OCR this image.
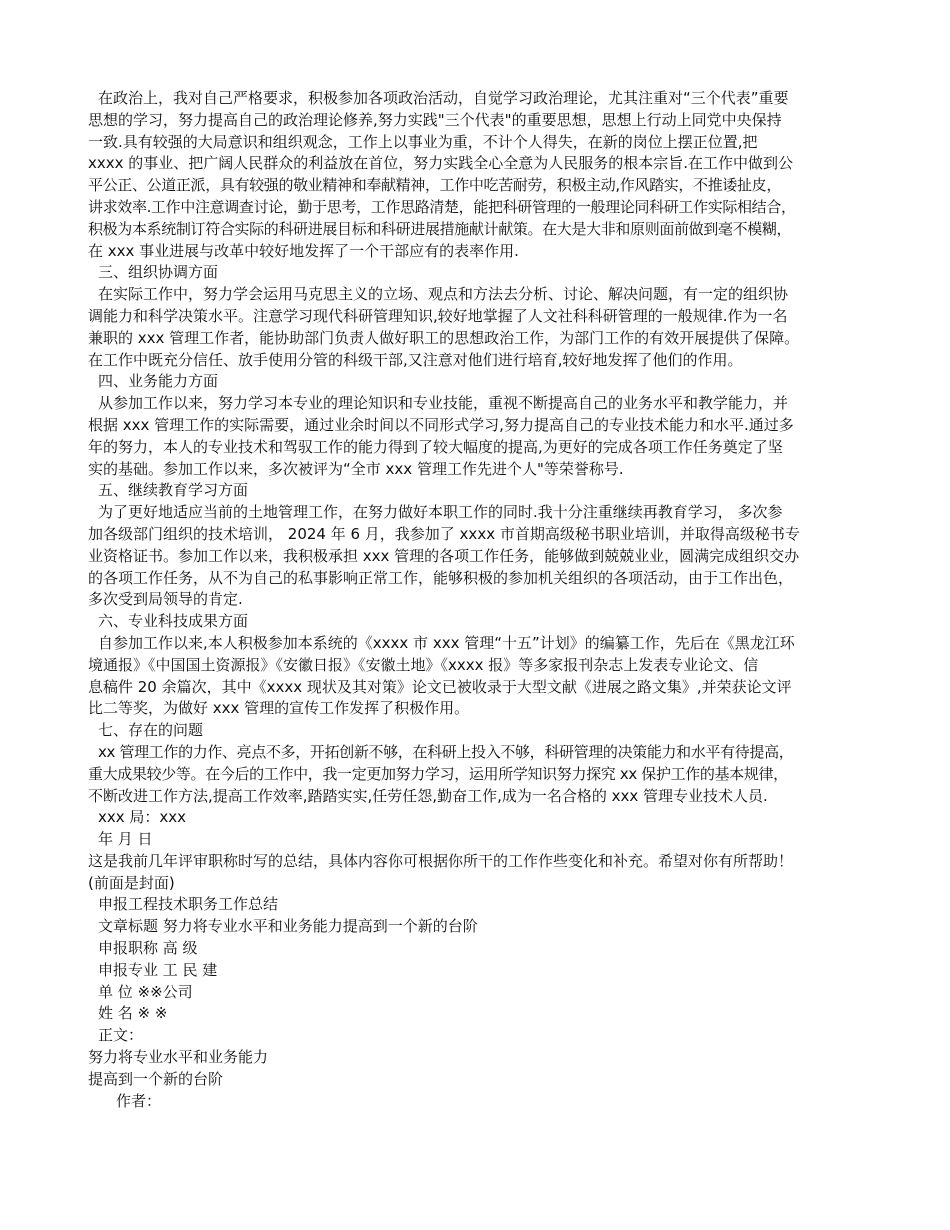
在政治上，我对自己严格要求，积极参加各项政治活动，自觉学习政治理论，尤其注重对“三个代表”重要
思想的学习，努力提高自己的政治理论修养,努力实践"三个代表"的重要思想，思想上行动上同党中央保持
一致.具有较强的大局意识和组织观念，工作上以事业为重，不计个人得失，在新的岗位上摆正位置,把
xxxx 的事业、把广阔人民群众的利益放在首位，努力实践全心全意为人民服务的根本宗旨.在工作中做到公
平公正、公道正派，具有较强的敬业精神和奉献精神，工作中吃苦耐劳，积极主动,作风踏实，不推诿扯皮，
讲求效率.工作中注意调查讨论，勤于思考，工作思路清楚，能把科研管理的一般理论同科研工作实际相结合，
积极为本系统制订符合实际的科研进展目标和科研进展措施献计献策。在大是大非和原则面前做到毫不模糊，
在 xxx 事业进展与改革中较好地发挥了一个干部应有的表率作用.
三、组织协调方面
在实际工作中，努力学会运用马克思主义的立场、观点和方法去分析、讨论、解决问题，有一定的组织协
调能力和科学决策水平。注意学习现代科研管理知识,较好地掌握了人文社科科研管理的一般规律.作为一名
兼职的 xxx 管理工作者，能协助部门负责人做好职工的思想政治工作，为部门工作的有效开展提供了保障。
在工作中既充分信任、放手使用分管的科级干部,又注意对他们进行培育,较好地发挥了他们的作用。
四、业务能力方面
从参加工作以来，努力学习本专业的理论知识和专业技能，重视不断提高自己的业务水平和教学能力，并
根据 xxx 管理工作的实际需要，通过业余时间以不同形式学习,努力提高自己的专业技术能力和水平.通过多
年的努力，本人的专业技术和驾驭工作的能力得到了较大幅度的提高,为更好的完成各项工作任务奠定了坚
实的基础。参加工作以来，多次被评为“全市 xxx 管理工作先进个人"等荣誉称号.
五、继续教育学习方面
为了更好地适应当前的土地管理工作，在努力做好本职工作的同时.我十分注重继续再教育学习， 多次参
加各级部门组织的技术培训， 2024 年 6 月，我参加了 xxxx 市首期高级秘书职业培训，并取得高级秘书专
业资格证书。参加工作以来，我积极承担 xxx 管理的各项工作任务，能够做到兢兢业业，圆满完成组织交办
的各项工作任务，从不为自己的私事影响正常工作，能够积极的参加机关组织的各项活动，由于工作出色，
多次受到局领导的肯定.
六、专业科技成果方面
自参加工作以来,本人积极参加本系统的《xxxx 市 xxx 管理“十五”计划》的编纂工作，先后在《黑龙江环
境通报》《中国国土资源报》《安徽日报》《安徽土地》《xxxx 报》等多家报刊杂志上发表专业论文、信
息稿件 20 余篇次，其中《xxxx 现状及其对策》论文已被收录于大型文献《进展之路文集》,并荣获论文评
比二等奖，为做好 xxx 管理的宣传工作发挥了积极作用。
七、存在的问题
xx 管理工作的力作、亮点不多，开拓创新不够，在科研上投入不够，科研管理的决策能力和水平有待提高，
重大成果较少等。在今后的工作中，我一定更加努力学习，运用所学知识努力探究 xx 保护工作的基本规律，
不断改进工作方法,提高工作效率,踏踏实实,任劳任怨,勤奋工作,成为一名合格的 xxx 管理专业技术人员.
xxx 局：xxx
年 月 日
这是我前几年评审职称时写的总结，具体内容你可根据你所干的工作作些变化和补充。希望对你有所帮助！
(前面是封面)
申报工程技术职务工作总结
文章标题 努力将专业水平和业务能力提高到一个新的台阶
申报职称 高 级
申报专业 工 民 建
单 位 ※※公司
姓 名 ※ ※
正文：
努力将专业水平和业务能力
提高到一个新的台阶
作者：
